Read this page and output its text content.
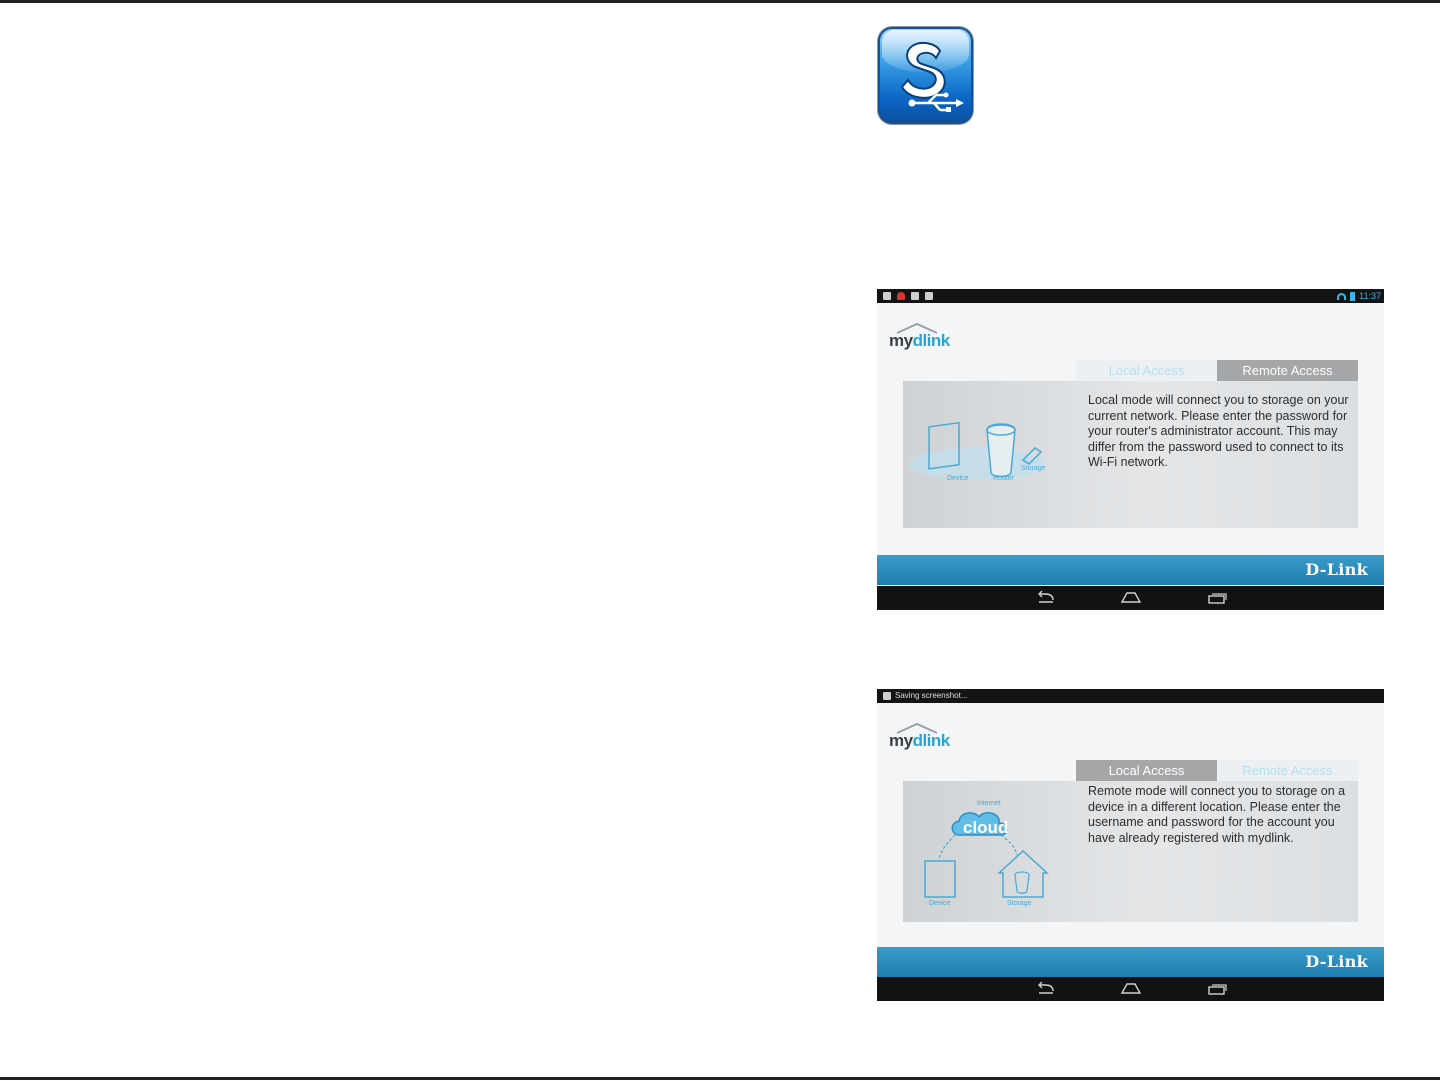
11:37
mydlink
Local Access	Remote Access
Device	Router
Storage
Local mode will connect you to storage on your current network. Please enter the password for your router's administrator account. This may differ from the password used to connect to its Wi-Fi network.
D-Link
Saving screenshot...
mydlink
Local Access	Remote Access
Internet
cloud
Device	Storage
Remote mode will connect you to storage on a device in a different location. Please enter the username and password for the account you have already registered with mydlink.
D-Link
